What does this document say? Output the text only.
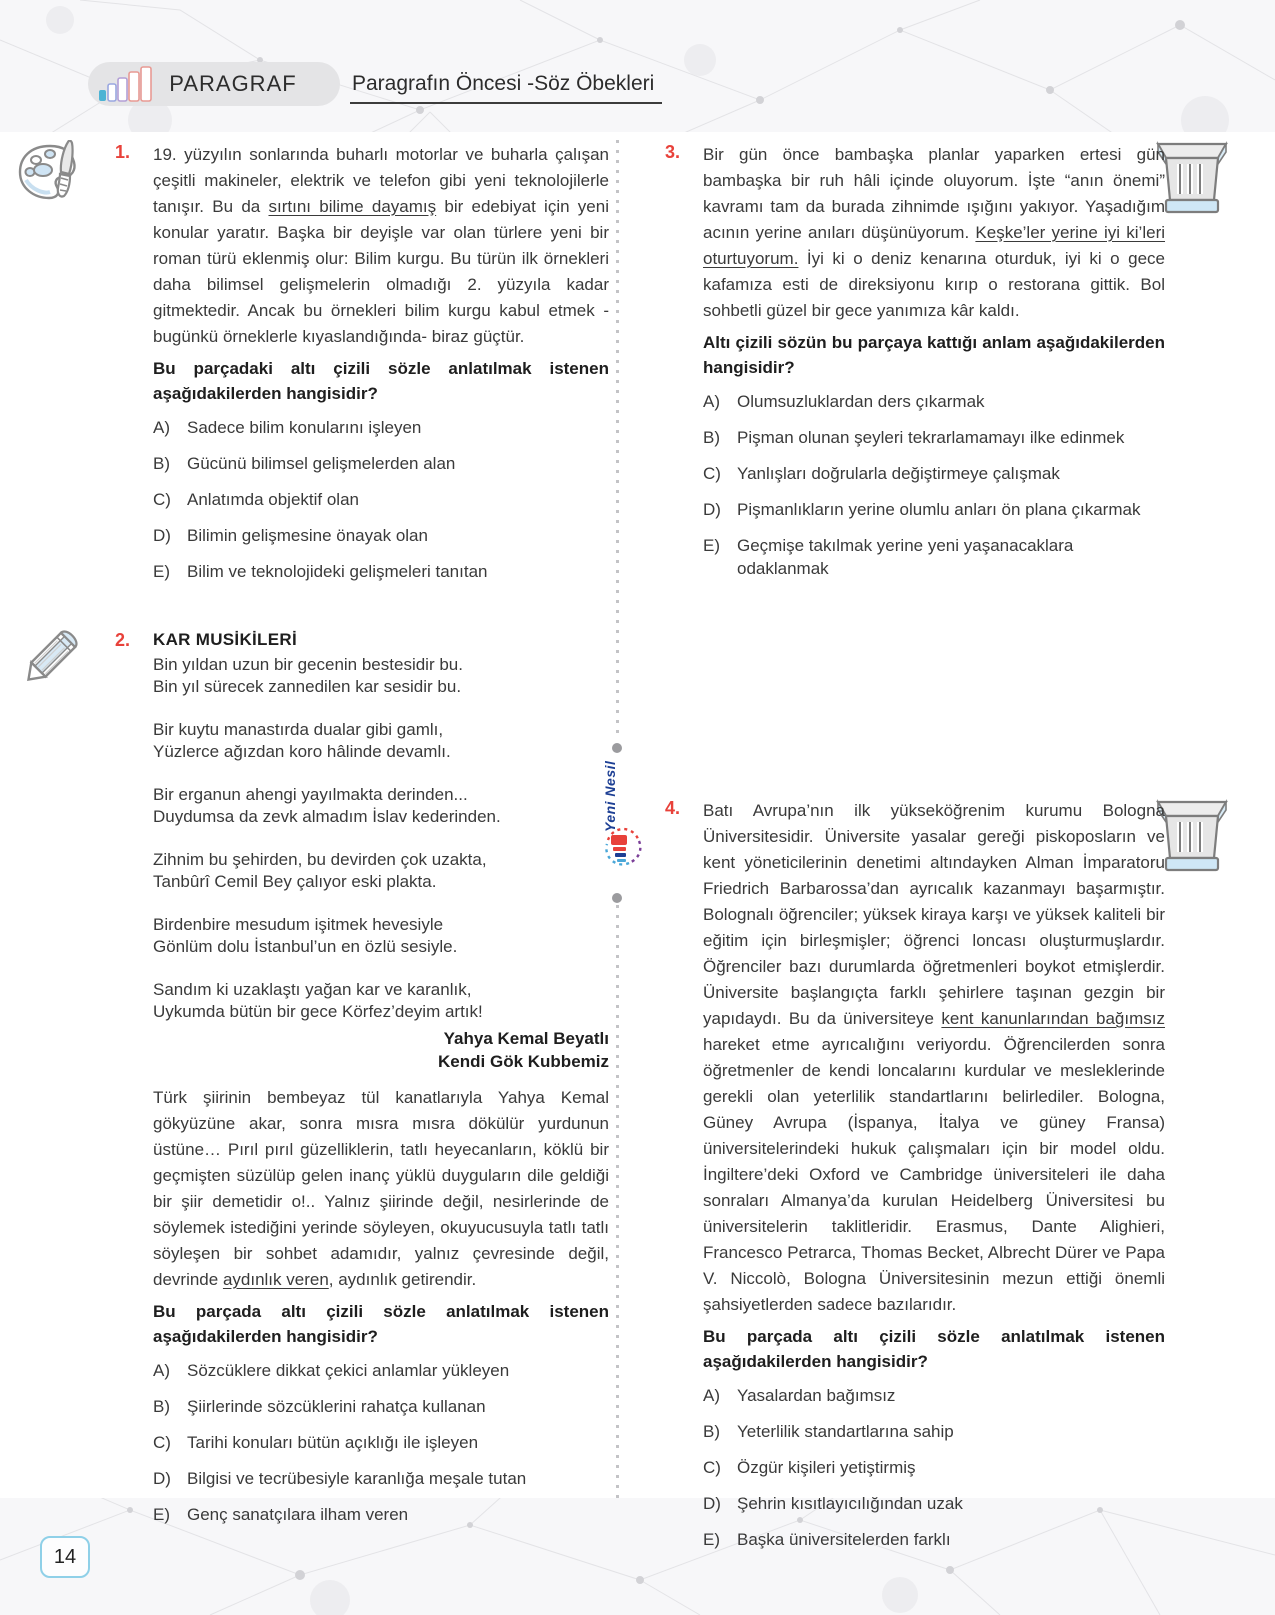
PARAGRAF	Paragrafın Öncesi -Söz Öbekleri
Yeni Nesil
1. 19. yüzyılın sonlarında buharlı motorlar ve buharla çalışan çeşitli makineler, elektrik ve telefon gibi yeni teknolojilerle tanışır. Bu da sırtını bilime dayamış bir edebiyat için yeni konular yaratır. Başka bir deyişle var olan türlere yeni bir roman türü eklenmiş olur: Bilim kurgu. Bu türün ilk örnekleri daha bilimsel gelişmelerin olmadığı 2. yüzyıla kadar gitmektedir. Ancak bu örnekleri bilim kurgu kabul etmek -bugünkü örneklerle kıyaslandığında- biraz güçtür.

Bu parçadaki altı çizili sözle anlatılmak istenen aşağıdakilerden hangisidir?

A) Sadece bilim konularını işleyen
B) Gücünü bilimsel gelişmelerden alan
C) Anlatımda objektif olan
D) Bilimin gelişmesine önayak olan
E) Bilim ve teknolojideki gelişmeleri tanıtan
2. KAR MUSİKİLERİ

Bin yıldan uzun bir gecenin bestesidir bu.
Bin yıl sürecek zannedilen kar sesidir bu.
Bir kuytu manastırda dualar gibi gamlı,
Yüzlerce ağızdan koro hâlinde devamlı.
Bir erganun ahengi yayılmakta derinden...
Duydumsa da zevk almadım İslav kederinden.
Zihnim bu şehirden, bu devirden çok uzakta,
Tanbûrî Cemil Bey çalıyor eski plakta.
Birdenbire mesudum işitmek hevesiyle
Gönlüm dolu İstanbul’un en özlü sesiyle.
Sandım ki uzaklaştı yağan kar ve karanlık,
Uykumda bütün bir gece Körfez’deyim artık!
Yahya Kemal Beyatlı
Kendi Gök Kubbemiz

Türk şiirinin bembeyaz tül kanatlarıyla Yahya Kemal gökyüzüne akar, sonra mısra mısra dökülür yurdunun üstüne… Pırıl pırıl güzelliklerin, tatlı heyecanların, köklü bir geçmişten süzülüp gelen inanç yüklü duyguların dile geldiği bir şiir demetidir o!.. Yalnız şiirinde değil, nesirlerinde de söylemek istediğini yerinde söyleyen, okuyucusuyla tatlı tatlı söyleşen bir sohbet adamıdır, yalnız çevresinde değil, devrinde aydınlık veren, aydınlık getirendir.

Bu parçada altı çizili sözle anlatılmak istenen aşağıdakilerden hangisidir?

A) Sözcüklere dikkat çekici anlamlar yükleyen
B) Şiirlerinde sözcüklerini rahatça kullanan
C) Tarihi konuları bütün açıklığı ile işleyen
D) Bilgisi ve tecrübesiyle karanlığa meşale tutan
E) Genç sanatçılara ilham veren
3. Bir gün önce bambaşka planlar yaparken ertesi gün bambaşka bir ruh hâli içinde oluyorum. İşte “anın önemi” kavramı tam da burada zihnimde ışığını yakıyor. Yaşadığım acının yerine anıları düşünüyorum. Keşke’ler yerine iyi ki’leri oturtuyorum. İyi ki o deniz kenarına oturduk, iyi ki o gece kafamıza esti de direksiyonu kırıp o restorana gittik. Bol sohbetli güzel bir gece yanımıza kâr kaldı.

Altı çizili sözün bu parçaya kattığı anlam aşağıdakilerden hangisidir?

A) Olumsuzluklardan ders çıkarmak
B) Pişman olunan şeyleri tekrarlamamayı ilke edinmek
C) Yanlışları doğrularla değiştirmeye çalışmak
D) Pişmanlıkların yerine olumlu anları ön plana çıkarmak
E) Geçmişe takılmak yerine yeni yaşanacaklara odaklanmak
4. Batı Avrupa’nın ilk yükseköğrenim kurumu Bologna Üniversitesidir. Üniversite yasalar gereği piskoposların ve kent yöneticilerinin denetimi altındayken Alman İmparatoru Friedrich Barbarossa’dan ayrıcalık kazanmayı başarmıştır. Bolognalı öğrenciler; yüksek kiraya karşı ve yüksek kaliteli bir eğitim için birleşmişler; öğrenci loncası oluşturmuşlardır. Öğrenciler bazı durumlarda öğretmenleri boykot etmişlerdir. Üniversite başlangıçta farklı şehirlere taşınan gezgin bir yapıdaydı. Bu da üniversiteye kent kanunlarından bağımsız hareket etme ayrıcalığını veriyordu. Öğrencilerden sonra öğretmenler de kendi loncalarını kurdular ve mesleklerinde gerekli olan yeterlilik standartlarını belirlediler. Bologna, Güney Avrupa (İspanya, İtalya ve güney Fransa) üniversitelerindeki hukuk çalışmaları için bir model oldu. İngiltere’deki Oxford ve Cambridge üniversiteleri ile daha sonraları Almanya’da kurulan Heidelberg Üniversitesi bu üniversitelerin taklitleridir. Erasmus, Dante Alighieri, Francesco Petrarca, Thomas Becket, Albrecht Dürer ve Papa V. Niccolò, Bologna Üniversitesinin mezun ettiği önemli şahsiyetlerden sadece bazılarıdır.

Bu parçada altı çizili sözle anlatılmak istenen aşağıdakilerden hangisidir?

A) Yasalardan bağımsız
B) Yeterlilik standartlarına sahip
C) Özgür kişileri yetiştirmiş
D) Şehrin kısıtlayıcılığından uzak
E) Başka üniversitelerden farklı
14
